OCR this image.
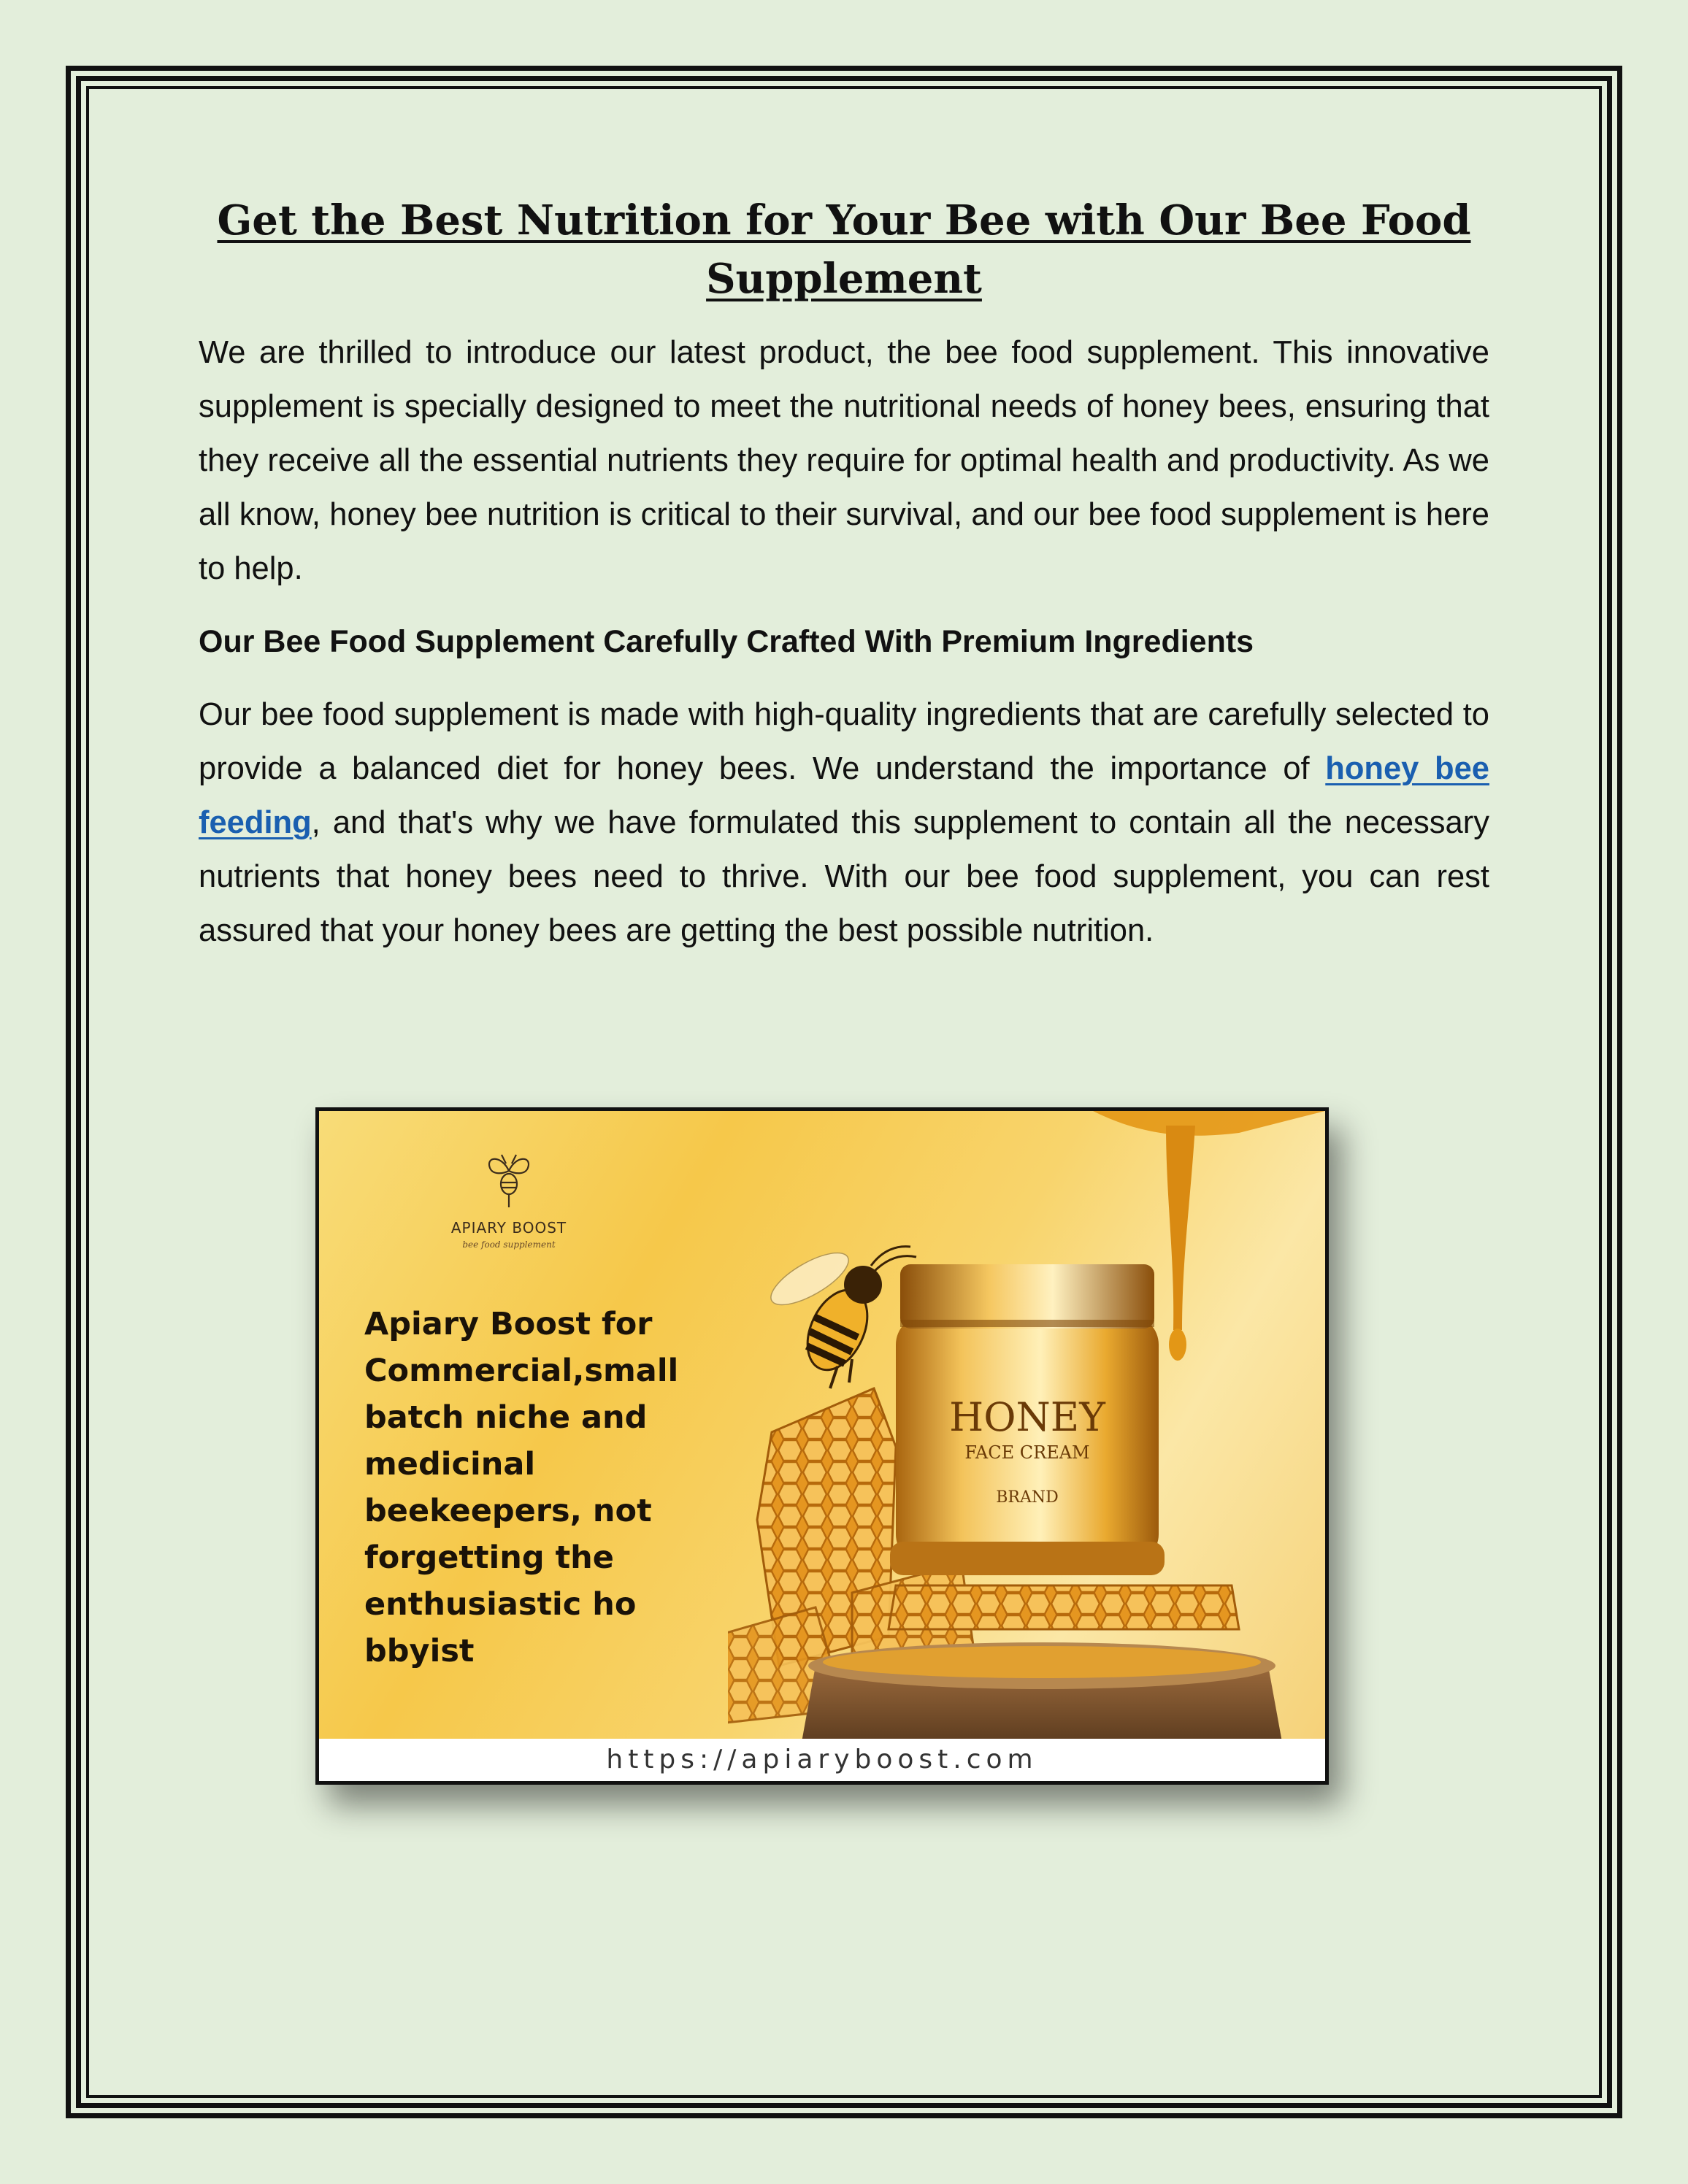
Get the Best Nutrition for Your Bee with Our Bee Food Supplement

We are thrilled to introduce our latest product, the bee food supplement. This innovative supplement is specially designed to meet the nutritional needs of honey bees, ensuring that they receive all the essential nutrients they require for optimal health and productivity. As we all know, honey bee nutrition is critical to their survival, and our bee food supplement is here to help.

Our Bee Food Supplement Carefully Crafted With Premium Ingredients

Our bee food supplement is made with high-quality ingredients that are carefully selected to provide a balanced diet for honey bees. We understand the importance of honey bee feeding, and that's why we have formulated this supplement to contain all the necessary nutrients that honey bees need to thrive. With our bee food supplement, you can rest assured that your honey bees are getting the best possible nutrition.

APIARY BOOST
bee food supplement
Apiary Boost for
Commercial,small
batch niche and
medicinal
beekeepers, not
forgetting the
enthusiastic ho
bbyist
HONEY
FACE CREAM
BRAND
https://apiaryboost.com
